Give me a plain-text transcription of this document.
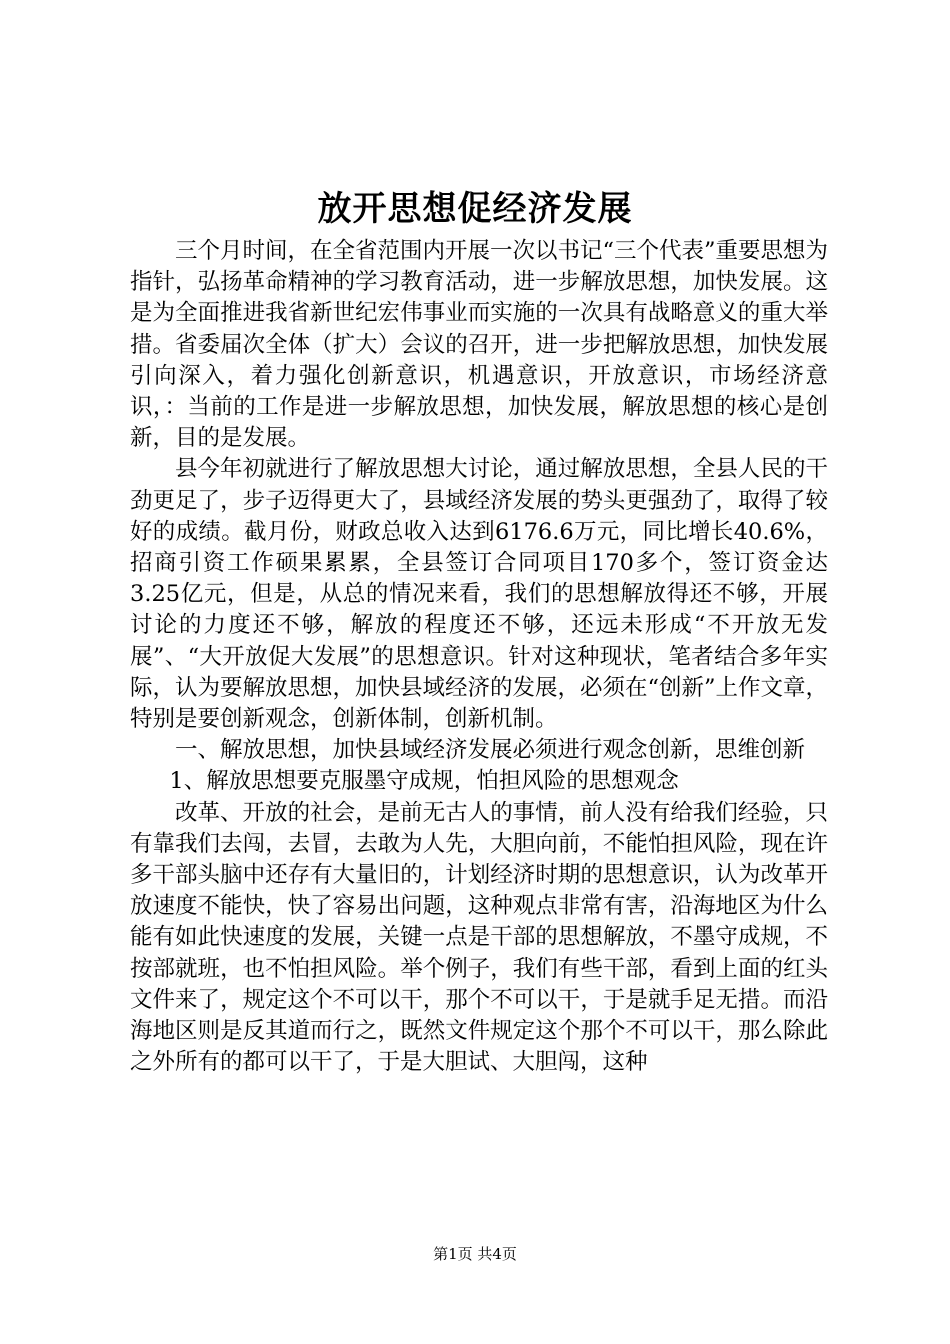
放开思想促经济发展

三个月时间，在全省范围内开展一次以书记“三个代表”重要思想为指针，弘扬革命精神的学习教育活动，进一步解放思想，加快发展。这是为全面推进我省新世纪宏伟事业而实施的一次具有战略意义的重大举措。省委届次全体（扩大）会议的召开，进一步把解放思想，加快发展引向深入，着力强化创新意识，机遇意识，开放意识，市场经济意识，：当前的工作是进一步解放思想，加快发展，解放思想的核心是创新，目的是发展。

县今年初就进行了解放思想大讨论，通过解放思想，全县人民的干劲更足了，步子迈得更大了，县域经济发展的势头更强劲了，取得了较好的成绩。截月份，财政总收入达到6176.6万元，同比增长40.6%，招商引资工作硕果累累，全县签订合同项目170多个，签订资金达3.25亿元，但是，从总的情况来看，我们的思想解放得还不够，开展讨论的力度还不够，解放的程度还不够，还远未形成“不开放无发展”、“大开放促大发展”的思想意识。针对这种现状，笔者结合多年实际，认为要解放思想，加快县域经济的发展，必须在“创新”上作文章，特别是要创新观念，创新体制，创新机制。

一、解放思想，加快县域经济发展必须进行观念创新，思维创新

1、解放思想要克服墨守成规，怕担风险的思想观念

改革、开放的社会，是前无古人的事情，前人没有给我们经验，只有靠我们去闯，去冒，去敢为人先，大胆向前，不能怕担风险，现在许多干部头脑中还存有大量旧的，计划经济时期的思想意识，认为改革开放速度不能快，快了容易出问题，这种观点非常有害，沿海地区为什么能有如此快速度的发展，关键一点是干部的思想解放，不墨守成规，不按部就班，也不怕担风险。举个例子，我们有些干部，看到上面的红头文件来了，规定这个不可以干，那个不可以干，于是就手足无措。而沿海地区则是反其道而行之，既然文件规定这个那个不可以干，那么除此之外所有的都可以干了，于是大胆试、大胆闯，这种

第1页 共4页
